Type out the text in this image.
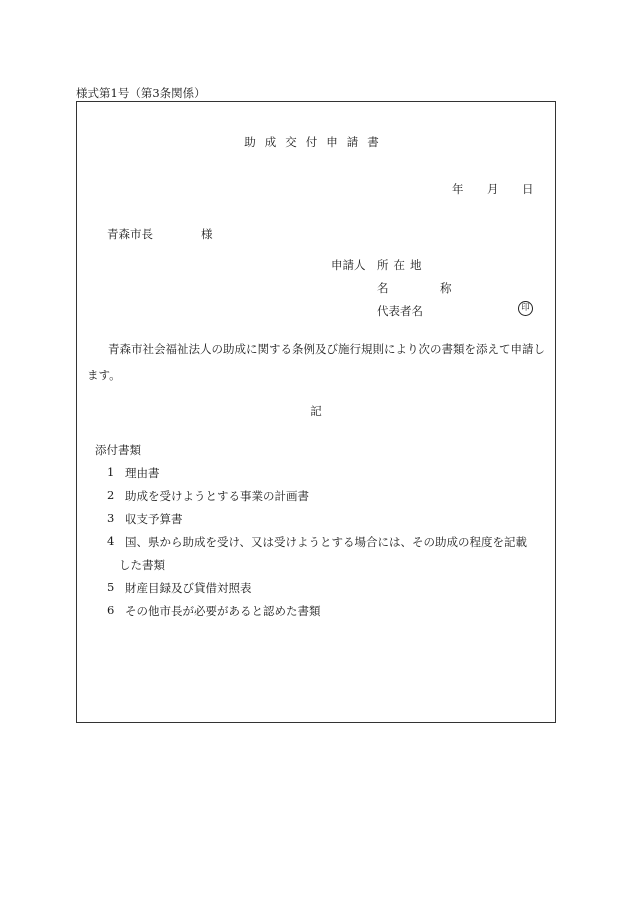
様式第1号（第3条関係）
助成交付申請書
年 月 日
青森市長	様
申請人 所在地
名　称
代表者名	印
青森市社会福祉法人の助成に関する条例及び施行規則により次の書類を添えて申請します。
記
添付書類
1 理由書
2 助成を受けようとする事業の計画書
3 収支予算書
4 国、県から助成を受け、又は受けようとする場合には、その助成の程度を記載
した書類
5 財産目録及び貸借対照表
6 その他市長が必要があると認めた書類
